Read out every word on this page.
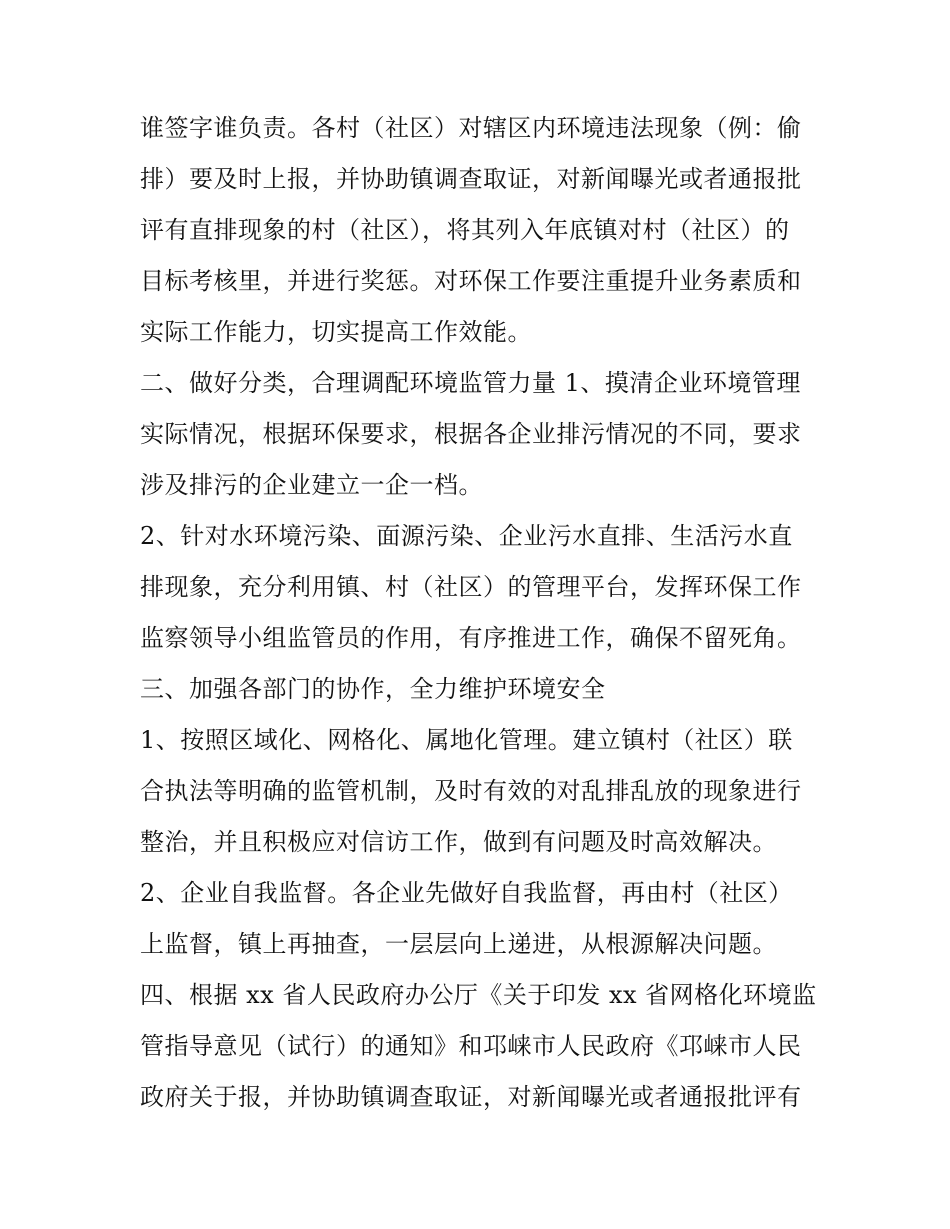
谁签字谁负责。各村（社区）对辖区内环境违法现象（例：偷
排）要及时上报，并协助镇调查取证，对新闻曝光或者通报批
评有直排现象的村（社区），将其列入年底镇对村（社区）的
目标考核里，并进行奖惩。对环保工作要注重提升业务素质和
实际工作能力，切实提高工作效能。
二、做好分类，合理调配环境监管力量 1、摸清企业环境管理
实际情况，根据环保要求，根据各企业排污情况的不同，要求
涉及排污的企业建立一企一档。
2、针对水环境污染、面源污染、企业污水直排、生活污水直
排现象，充分利用镇、村（社区）的管理平台，发挥环保工作
监察领导小组监管员的作用，有序推进工作，确保不留死角。
三、加强各部门的协作，全力维护环境安全
1、按照区域化、网格化、属地化管理。建立镇村（社区）联
合执法等明确的监管机制，及时有效的对乱排乱放的现象进行
整治，并且积极应对信访工作，做到有问题及时高效解决。
2、企业自我监督。各企业先做好自我监督，再由村（社区）
上监督，镇上再抽查，一层层向上递进，从根源解决问题。
四、根据 xx 省人民政府办公厅《关于印发 xx 省网格化环境监
管指导意见（试行）的通知》和邛崃市人民政府《邛崃市人民
政府关于报，并协助镇调查取证，对新闻曝光或者通报批评有
